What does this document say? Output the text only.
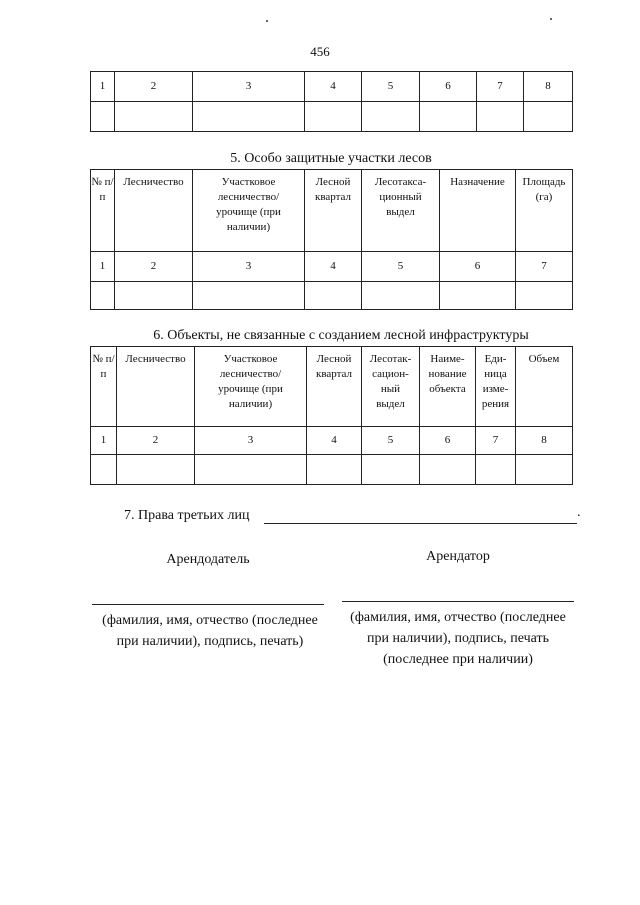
456
1	2	3	4	5	6	7	8

5. Особо защитные участки лесов
№ п/п	Лесничество	Участковое лесничество/ урочище (при наличии)	Лесной квартал	Лесотакса-ционный выдел	Назначение	Площадь (га)
1	2	3	4	5	6	7

6. Объекты, не связанные с созданием лесной инфраструктуры
№ п/п	Лесничество	Участковое лесничество/ урочище (при наличии)	Лесной квартал	Лесотак-сацион-ный выдел	Наиме-нование объекта	Еди-ница изме-рения	Объем
1	2	3	4	5	6	7	8

7. Права третьих лиц	.
Арендодатель	Арендатор
(фамилия, имя, отчество (последнее при наличии), подпись, печать)
(фамилия, имя, отчество (последнее при наличии), подпись, печать (последнее при наличии)
